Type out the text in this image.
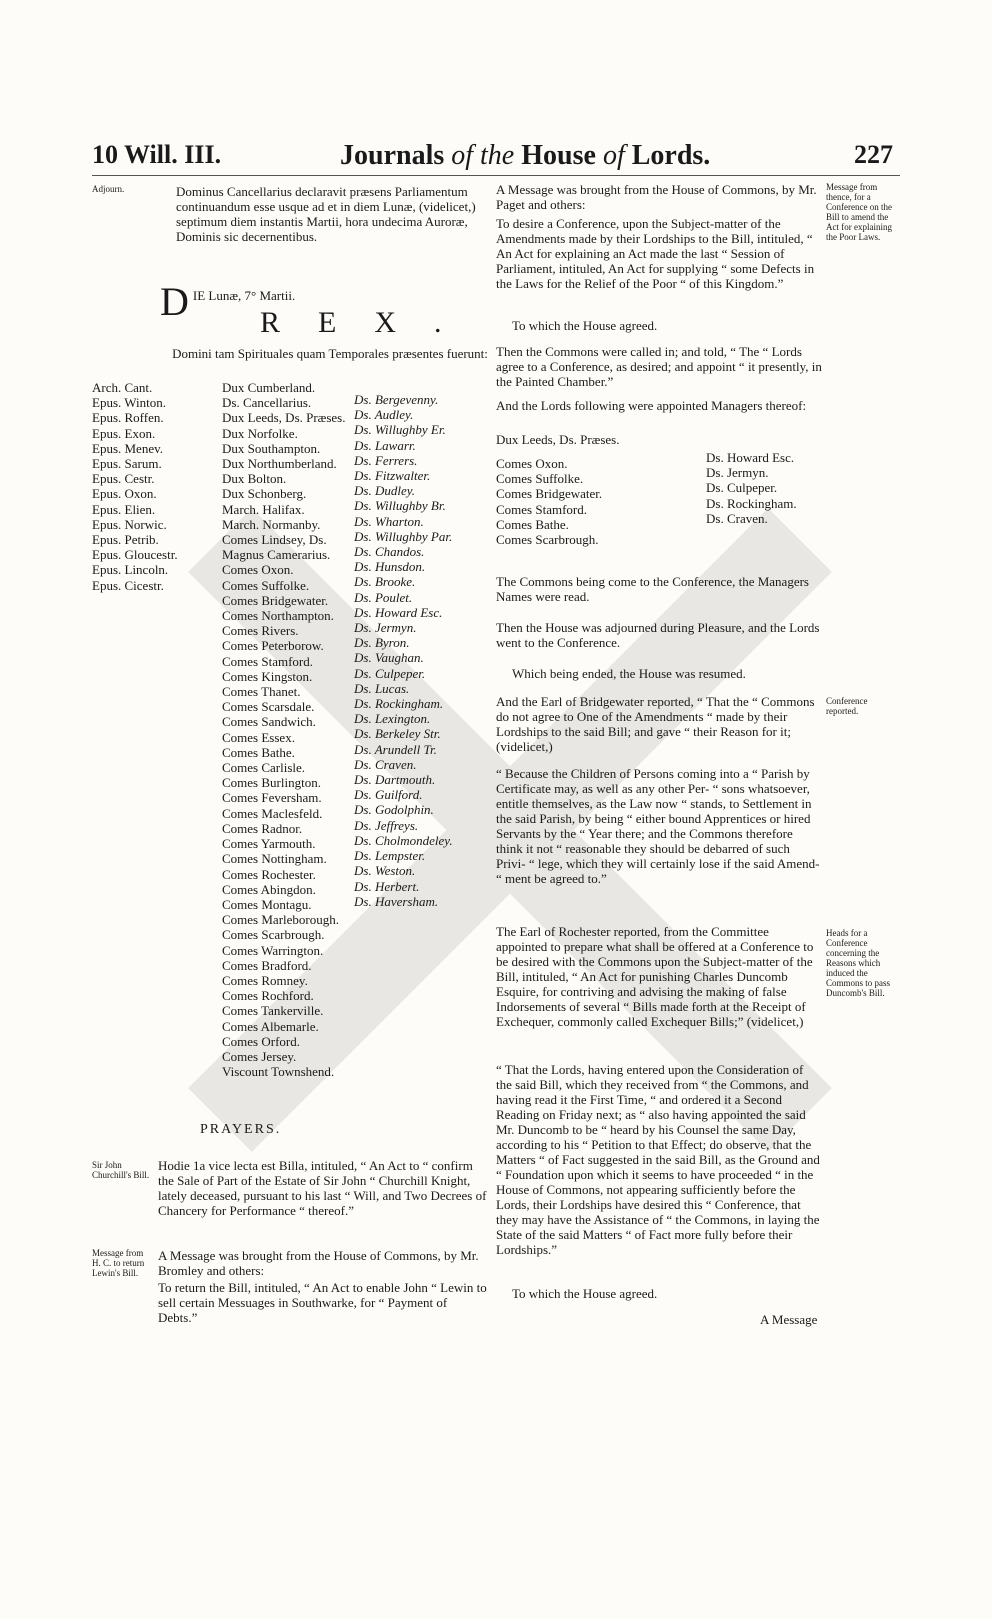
10 Will. III.	Journals of the House of Lords.	227
Adjourn.	Dominus Cancellarius declaravit præsens Parliamentum continuandum esse usque ad et in diem Lunæ, (videlicet,) septimum diem instantis Martii, hora undecima Auroræ, Dominis sic decernentibus.

D IE Lunæ, 7° Martii.
REX.

Domini tam Spirituales quam Temporales præsentes fuerunt:

Arch. Cant.
Epus. Winton.
Epus. Roffen.
Epus. Exon.
Epus. Menev.
Epus. Sarum.
Epus. Cestr.
Epus. Oxon.
Epus. Elien.
Epus. Norwic.
Epus. Petrib.
Epus. Gloucestr.
Epus. Lincoln.
Epus. Cicestr.
Dux Cumberland.
Ds. Cancellarius.
Dux Leeds, Ds. Præses.
Dux Norfolke.
Dux Southampton.
Dux Northumberland.
Dux Bolton.
Dux Schonberg.
March. Halifax.
March. Normanby.
Comes Lindsey, Ds. Magnus Camerarius.
Comes Oxon.
Comes Suffolke.
Comes Bridgewater.
Comes Northampton.
Comes Rivers.
Comes Peterborow.
Comes Stamford.
Comes Kingston.
Comes Thanet.
Comes Scarsdale.
Comes Sandwich.
Comes Essex.
Comes Bathe.
Comes Carlisle.
Comes Burlington.
Comes Feversham.
Comes Maclesfeld.
Comes Radnor.
Comes Yarmouth.
Comes Nottingham.
Comes Rochester.
Comes Abingdon.
Comes Montagu.
Comes Marleborough.
Comes Scarbrough.
Comes Warrington.
Comes Bradford.
Comes Romney.
Comes Rochford.
Comes Tankerville.
Comes Albemarle.
Comes Orford.
Comes Jersey.
Viscount Townshend.
Ds. Bergevenny.
Ds. Audley.
Ds. Willughby Er.
Ds. Lawarr.
Ds. Ferrers.
Ds. Fitzwalter.
Ds. Dudley.
Ds. Willughby Br.
Ds. Wharton.
Ds. Willughby Par.
Ds. Chandos.
Ds. Hunsdon.
Ds. Brooke.
Ds. Poulet.
Ds. Howard Esc.
Ds. Jermyn.
Ds. Byron.
Ds. Vaughan.
Ds. Culpeper.
Ds. Lucas.
Ds. Rockingham.
Ds. Lexington.
Ds. Berkeley Str.
Ds. Arundell Tr.
Ds. Craven.
Ds. Dartmouth.
Ds. Guilford.
Ds. Godolphin.
Ds. Jeffreys.
Ds. Cholmondeley.
Ds. Lempster.
Ds. Weston.
Ds. Herbert.
Ds. Haversham.
PRAYERS.
Sir John Churchill's Bill.

Hodie 1a vice lecta est Billa, intituled, “ An Act to “ confirm the Sale of Part of the Estate of Sir John “ Churchill Knight, lately deceased, pursuant to his last “ Will, and Two Decrees of Chancery for Performance “ thereof.”

Message from H. C. to return Lewin's Bill.

A Message was brought from the House of Commons, by Mr. Bromley and others:

To return the Bill, intituled, “ An Act to enable John “ Lewin to sell certain Messuages in Southwarke, for “ Payment of Debts.”

A Message was brought from the House of Commons, by Mr. Paget and others:

Message from thence, for a Conference on the Bill to amend the Act for explaining the Poor Laws.

To desire a Conference, upon the Subject-matter of the Amendments made by their Lordships to the Bill, intituled, “ An Act for explaining an Act made the last “ Session of Parliament, intituled, An Act for supplying “ some Defects in the Laws for the Relief of the Poor “ of this Kingdom.”

To which the House agreed.

Then the Commons were called in; and told, “ The “ Lords agree to a Conference, as desired; and appoint “ it presently, in the Painted Chamber.”

And the Lords following were appointed Managers thereof:

Dux Leeds, Ds. Præses.

Comes Oxon.
Comes Suffolke.
Comes Bridgewater.
Comes Stamford.
Comes Bathe.
Comes Scarbrough.
Ds. Howard Esc.
Ds. Jermyn.
Ds. Culpeper.
Ds. Rockingham.
Ds. Craven.

The Commons being come to the Conference, the Managers Names were read.

Then the House was adjourned during Pleasure, and the Lords went to the Conference.

Which being ended, the House was resumed.

And the Earl of Bridgewater reported, “ That the “ Commons do not agree to One of the Amendments “ made by their Lordships to the said Bill; and gave “ their Reason for it; (videlicet,)

Conference reported.

“ Because the Children of Persons coming into a “ Parish by Certificate may, as well as any other Per- “ sons whatsoever, entitle themselves, as the Law now “ stands, to Settlement in the said Parish, by being “ either bound Apprentices or hired Servants by the “ Year there; and the Commons therefore think it not “ reasonable they should be debarred of such Privi- “ lege, which they will certainly lose if the said Amend- “ ment be agreed to.”

The Earl of Rochester reported, from the Committee appointed to prepare what shall be offered at a Conference to be desired with the Commons upon the Subject-matter of the Bill, intituled, “ An Act for punishing Charles Duncomb Esquire, for contriving and advising the making of false Indorsements of several “ Bills made forth at the Receipt of Exchequer, commonly called Exchequer Bills;” (videlicet,)

Heads for a Conference concerning the Reasons which induced the Commons to pass Duncomb's Bill.

“ That the Lords, having entered upon the Consideration of the said Bill, which they received from “ the Commons, and having read it the First Time, “ and ordered it a Second Reading on Friday next; as “ also having appointed the said Mr. Duncomb to be “ heard by his Counsel the same Day, according to his “ Petition to that Effect; do observe, that the Matters “ of Fact suggested in the said Bill, as the Ground and “ Foundation upon which it seems to have proceeded “ in the House of Commons, not appearing sufficiently before the Lords, their Lordships have desired this “ Conference, that they may have the Assistance of “ the Commons, in laying the State of the said Matters “ of Fact more fully before their Lordships.”

To which the House agreed.

A Message
